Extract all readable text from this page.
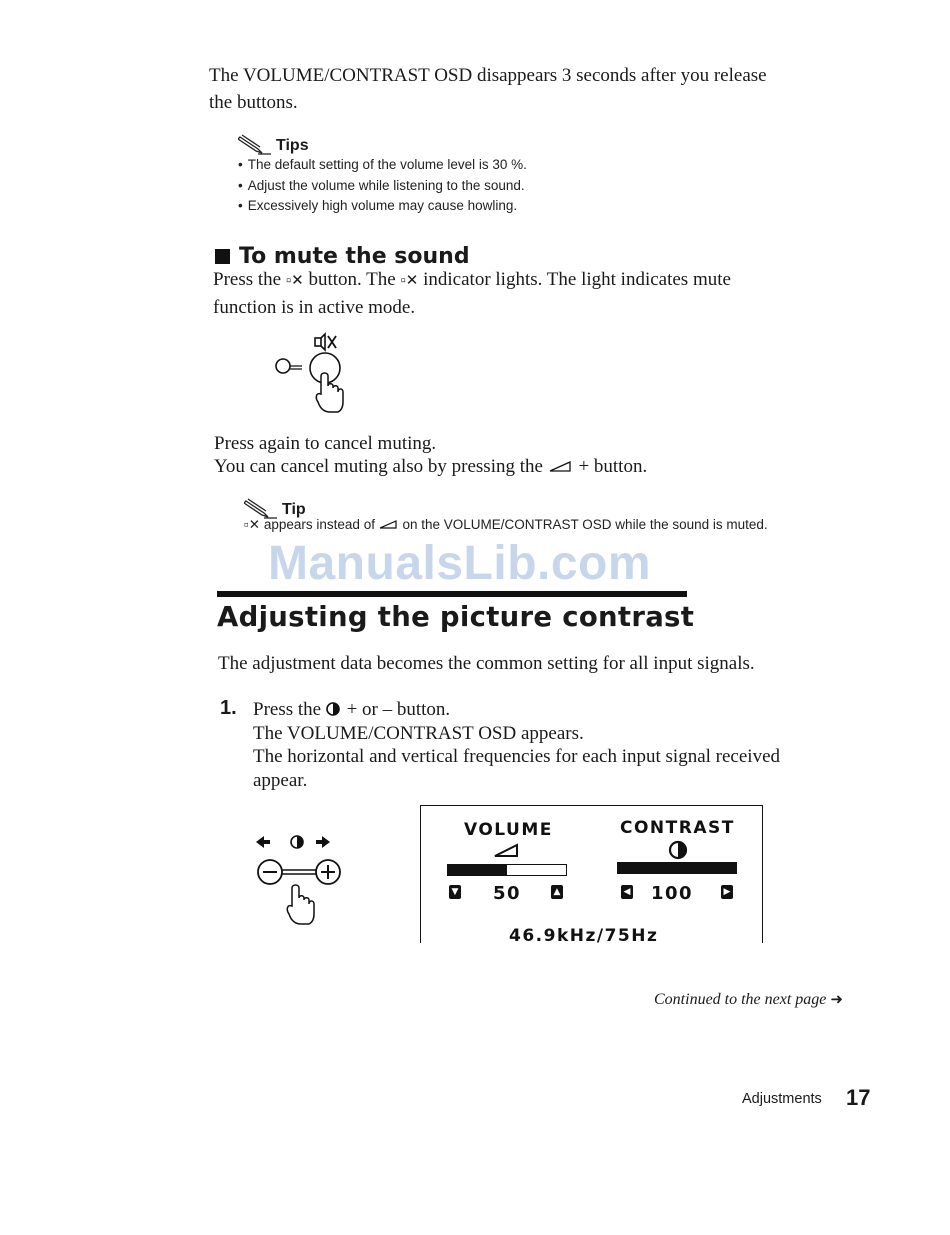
The VOLUME/CONTRAST OSD disappears 3 seconds after you release
the buttons.
Tips
• The default setting of the volume level is 30 %.
• Adjust the volume while listening to the sound.
• Excessively high volume may cause howling.
To mute the sound
Press the ▫✕ button. The ▫✕ indicator lights. The light indicates mute
function is in active mode.
Press again to cancel muting.
You can cancel muting also by pressing the + button.
Tip
▫✕ appears instead of on the VOLUME/CONTRAST OSD while the sound is muted.
ManualsLib.com
Adjusting the picture contrast
The adjustment data becomes the common setting for all input signals.
1. Press the + or – button.
The VOLUME/CONTRAST OSD appears.
The horizontal and vertical frequencies for each input signal received
appear.
VOLUME	CONTRAST
▼ 50	▲	◀ 100	▶
46.9kHz/75Hz
Continued to the next page ➜
Adjustments 17
